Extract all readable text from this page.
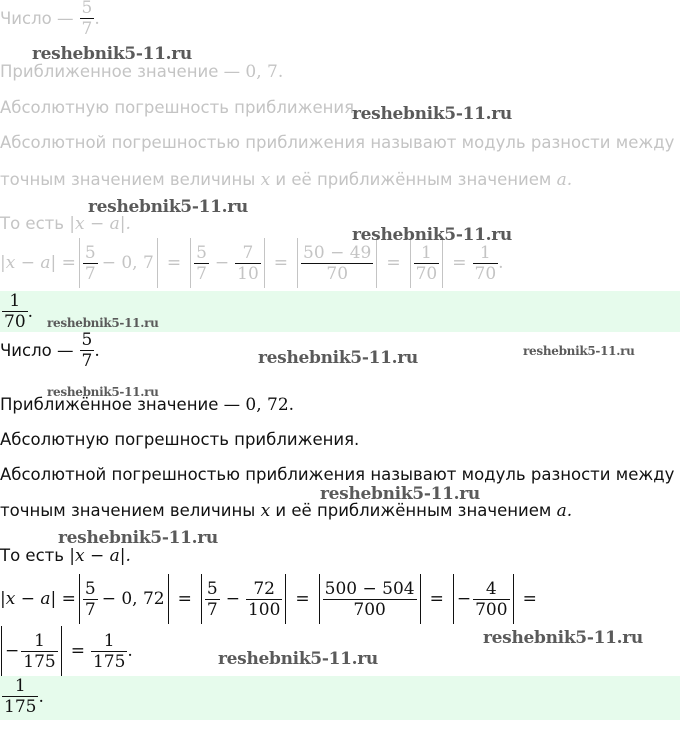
Число — $\frac{5}{7}$ .
Приближенное значение — 0, 7.
Абсолютную погрешность приближения.
Абсолютной погрешностью приближения называют модуль разности между
точным значением величины x и её приближённым значением a.
То есть |x − a|.
$|x - a| = \frac{5}{7} - 0$, $7 = \frac{5}{7} - \frac{7}{10} = \frac{50 - 49}{70} = \frac{1}{70} = \frac{1}{70}$ .
$\frac{1}{70}$ .
Число — $\frac{5}{7}$ .
Приближённое значение — 0, 72.
Абсолютную погрешность приближения.
Абсолютной погрешностью приближения называют модуль разности между
точным значением величины x и её приближённым значением a.
То есть |x − a|.
$|x - a| = \frac{5}{7} - 0$, $72 = \frac{5}{7} - \frac{72}{100} = \frac{500 - 504}{700}$ = − $\frac{4}{700}$ =
− $\frac{1}{175} = \frac{1}{175}$ .
$\frac{1}{175}$ .
reshebnik5-11.ru
reshebnik5-11.ru
reshebnik5-11.ru
reshebnik5-11.ru
reshebnik5-11.ru
reshebnik5-11.ru	reshebnik5-11.ru
reshebnik5-11.ru
reshebnik5-11.ru
reshebnik5-11.ru
reshebnik5-11.ru
reshebnik5-11.ru
